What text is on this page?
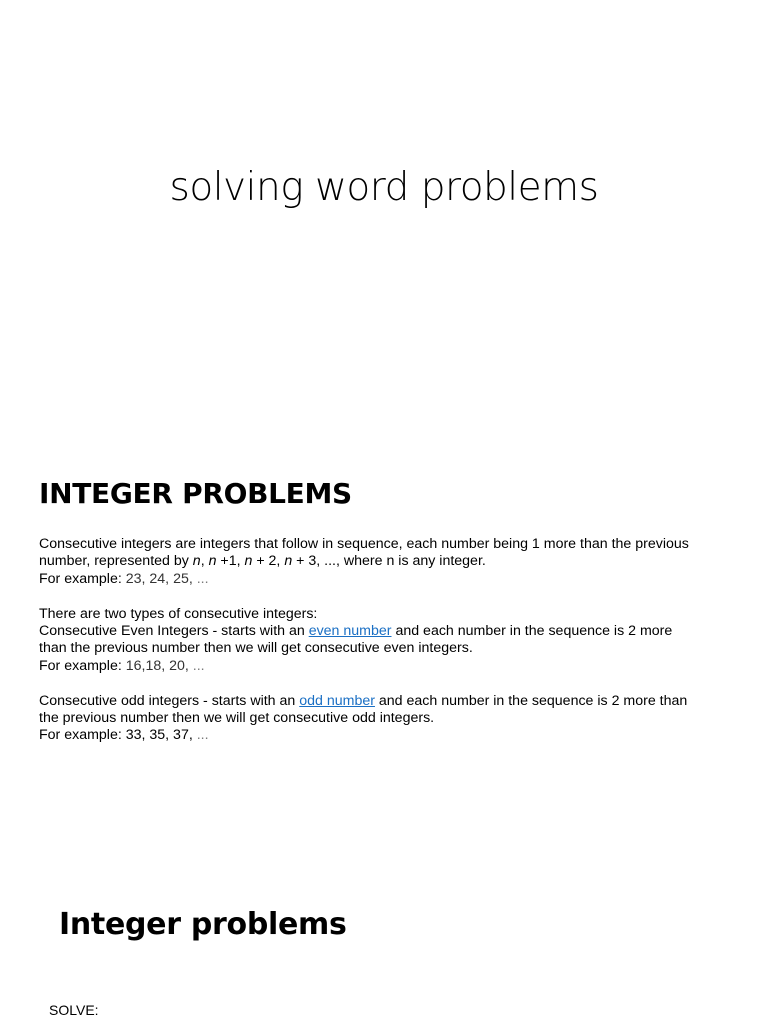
solving word problems
INTEGER PROBLEMS

Consecutive integers are integers that follow in sequence, each number being 1 more than the previous
number, represented by n, n +1, n + 2, n + 3, ..., where n is any integer.
For example: 23, 24, 25, ...

There are two types of consecutive integers:
Consecutive Even Integers - starts with an even number and each number in the sequence is 2 more
than the previous number then we will get consecutive even integers.
For example: 16,18, 20, ...

Consecutive odd integers - starts with an odd number and each number in the sequence is 2 more than
the previous number then we will get consecutive odd integers.
For example: 33, 35, 37, ...

Integer problems
SOLVE:
